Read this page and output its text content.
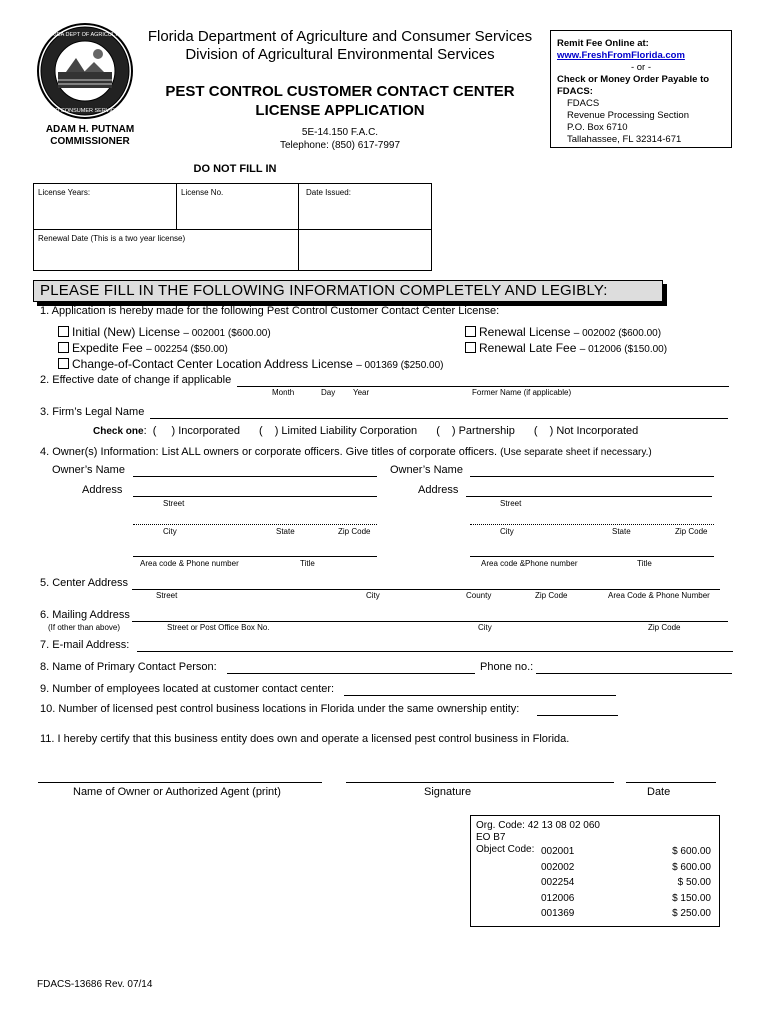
FLORIDA DEPT OF AGRICULTURE
AND CONSUMER SERVICES
Florida Department of Agriculture and Consumer Services
Division of Agricultural Environmental Services
PEST CONTROL CUSTOMER CONTACT CENTER
LICENSE APPLICATION
ADAM H. PUTNAM
COMMISSIONER
5E-14.150 F.A.C.
Telephone: (850) 617-7997
Remit Fee Online at:
www.FreshFromFlorida.com
- or -
Check or Money Order Payable to FDACS:
FDACS
Revenue Processing Section
P.O. Box 6710
Tallahassee, FL 32314-671
DO NOT FILL IN
License Years:	License No.	Date Issued:
Renewal Date (This is a two year license)
PLEASE FILL IN THE FOLLOWING INFORMATION COMPLETELY AND LEGIBLY:
1. Application is hereby made for the following Pest Control Customer Contact Center License:
Initial (New) License – 002001 ($600.00)
Expedite Fee – 002254 ($50.00)
Change-of-Contact Center Location Address License – 001369 ($250.00)
Renewal License – 002002 ($600.00)
Renewal Late Fee – 012006 ($150.00)
2. Effective date of change if applicable
Month	Day Year	Former Name (if applicable)
3. Firm’s Legal Name
Check one:  ( ) Incorporated ( ) Limited Liability Corporation ( ) Partnership ( ) Not Incorporated
4. Owner(s) Information: List ALL owners or corporate officers. Give titles of corporate officers. (Use separate sheet if necessary.)
Owner’s Name	Owner’s Name
Address	Address
Street	Street
City	State	Zip Code	City	State	Zip Code
Area code & Phone number	Title	Area code &Phone number	Title
5. Center Address
Street	City	County	Zip Code	Area Code & Phone Number
6. Mailing Address
(If other than above)	Street or Post Office Box No.	City	Zip Code
7. E-mail Address:
8. Name of Primary Contact Person:	Phone no.:
9. Number of employees located at customer contact center:
10. Number of licensed pest control business locations in Florida under the same ownership entity:
11. I hereby certify that this business entity does own and operate a licensed pest control business in Florida.
Name of Owner or Authorized Agent (print)	Signature	Date
Org. Code: 42 13 08 02 060
EO B7
Object Code: 002001	$ 600.00
002002	$ 600.00
002254	$ 50.00
012006	$ 150.00
001369	$ 250.00
FDACS-13686 Rev. 07/14
